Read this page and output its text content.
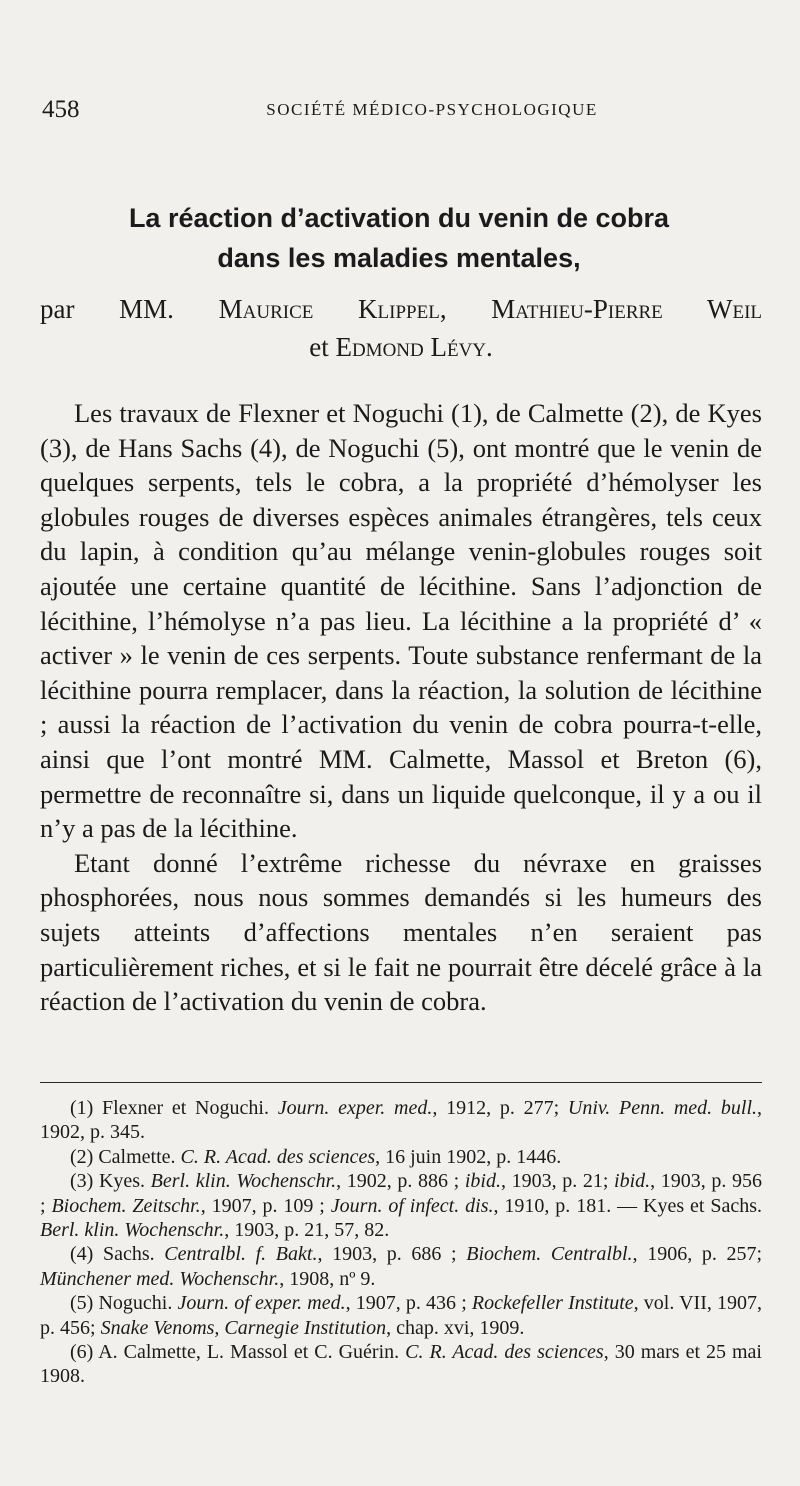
458	SOCIÉTÉ MÉDICO-PSYCHOLOGIQUE
La réaction d’activation du venin de cobra
dans les maladies mentales,
par MM. Maurice Klippel, Mathieu-Pierre Weil
et Edmond Lévy.

Les travaux de Flexner et Noguchi (1), de Calmette (2), de Kyes (3), de Hans Sachs (4), de Noguchi (5), ont montré que le venin de quelques serpents, tels le cobra, a la propriété d’hémolyser les globules rouges de diverses espèces animales étrangères, tels ceux du lapin, à condition qu’au mélange venin-globules rouges soit ajoutée une certaine quantité de lécithine. Sans l’adjonction de lécithine, l’hémolyse n’a pas lieu. La lécithine a la propriété d’ « activer » le venin de ces serpents. Toute substance renfermant de la lécithine pourra remplacer, dans la réaction, la solution de lécithine ; aussi la réaction de l’activation du venin de cobra pourra-t-elle, ainsi que l’ont montré MM. Calmette, Massol et Breton (6), permettre de reconnaître si, dans un liquide quelconque, il y a ou il n’y a pas de la lécithine.

Etant donné l’extrême richesse du névraxe en graisses phosphorées, nous nous sommes demandés si les humeurs des sujets atteints d’affections mentales n’en seraient pas particulièrement riches, et si le fait ne pourrait être décelé grâce à la réaction de l’activation du venin de cobra.

(1) Flexner et Noguchi. Journ. exper. med., 1912, p. 277; Univ. Penn. med. bull., 1902, p. 345.

(2) Calmette. C. R. Acad. des sciences, 16 juin 1902, p. 1446.

(3) Kyes. Berl. klin. Wochenschr., 1902, p. 886 ; ibid., 1903, p. 21; ibid., 1903, p. 956 ; Biochem. Zeitschr., 1907, p. 109 ; Journ. of infect. dis., 1910, p. 181. — Kyes et Sachs. Berl. klin. Wochenschr., 1903, p. 21, 57, 82.

(4) Sachs. Centralbl. f. Bakt., 1903, p. 686 ; Biochem. Centralbl., 1906, p. 257; Münchener med. Wochenschr., 1908, nº 9.

(5) Noguchi. Journ. of exper. med., 1907, p. 436 ; Rockefeller Institute, vol. VII, 1907, p. 456; Snake Venoms, Carnegie Institution, chap. xvi, 1909.

(6) A. Calmette, L. Massol et C. Guérin. C. R. Acad. des sciences, 30 mars et 25 mai 1908.
